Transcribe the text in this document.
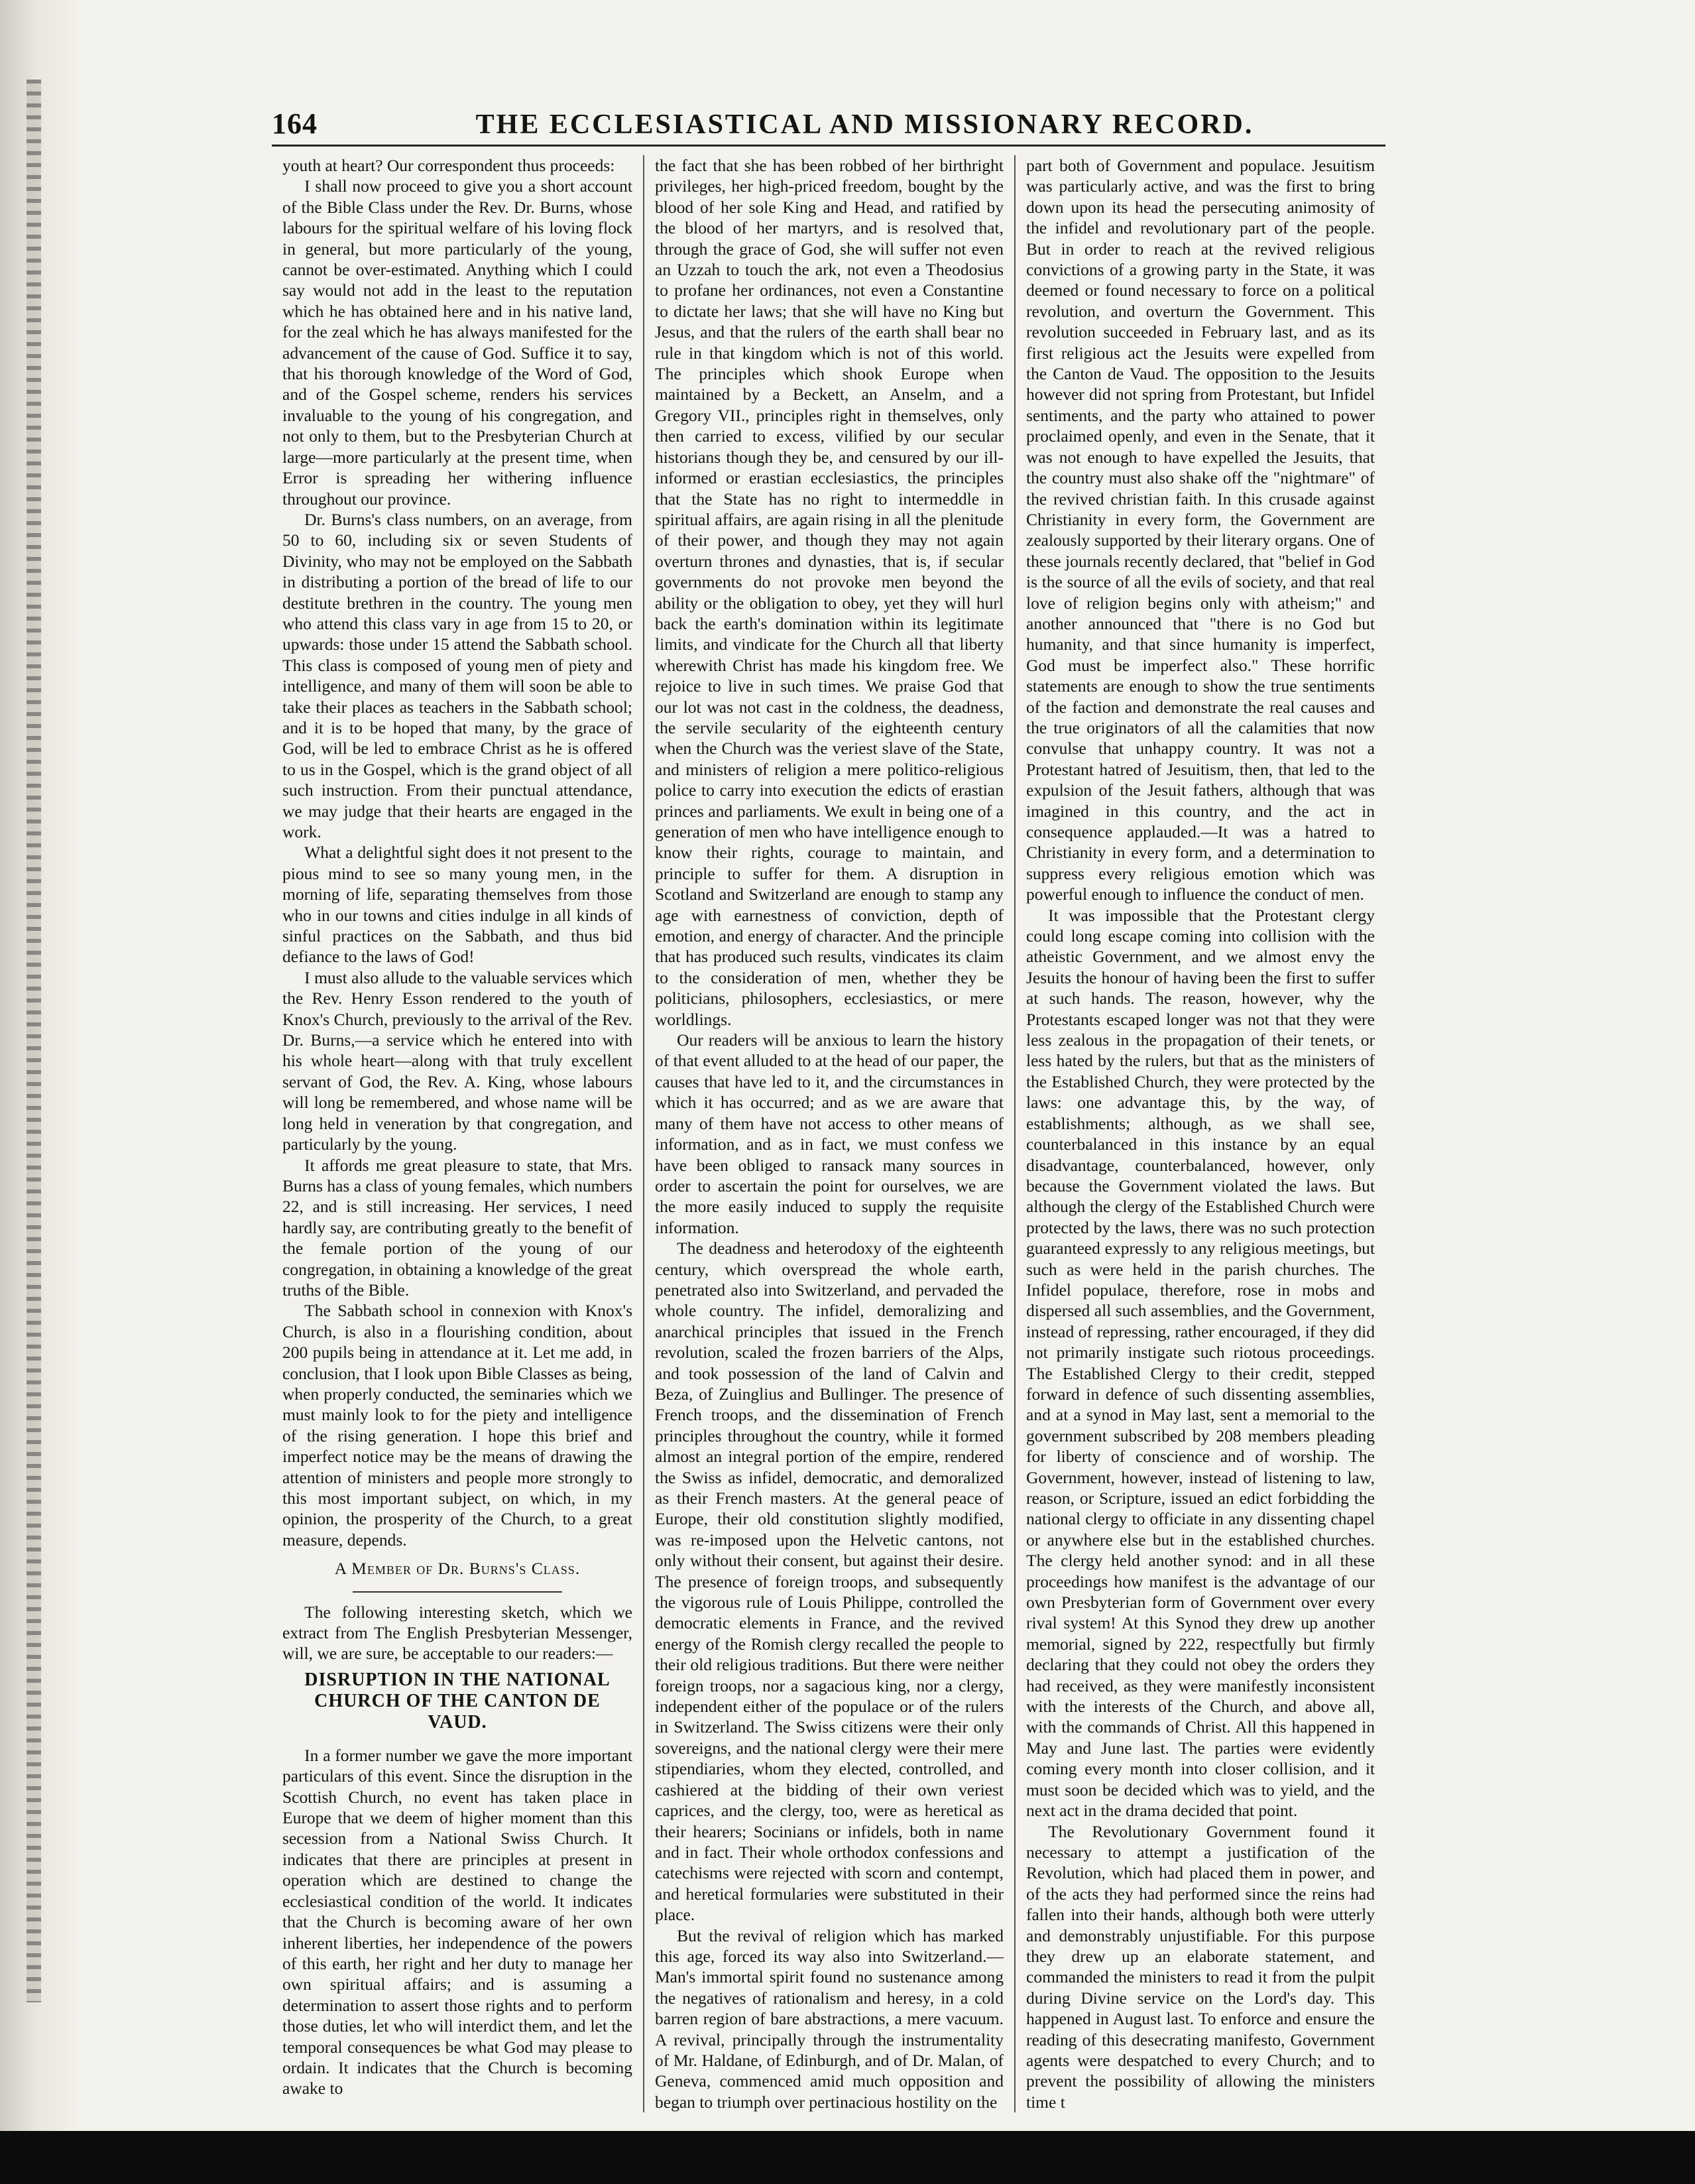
164	THE ECCLESIASTICAL AND MISSIONARY RECORD.

youth at heart? Our correspondent thus proceeds:

I shall now proceed to give you a short account of the Bible Class under the Rev. Dr. Burns, whose labours for the spiritual welfare of his loving flock in general, but more particularly of the young, cannot be over-estimated. Anything which I could say would not add in the least to the reputation which he has obtained here and in his native land, for the zeal which he has always manifested for the advancement of the cause of God. Suffice it to say, that his thorough knowledge of the Word of God, and of the Gospel scheme, renders his services invaluable to the young of his congregation, and not only to them, but to the Presbyterian Church at large—more particularly at the present time, when Error is spreading her withering influence throughout our province.

Dr. Burns's class numbers, on an average, from 50 to 60, including six or seven Students of Divinity, who may not be employed on the Sabbath in distributing a portion of the bread of life to our destitute brethren in the country. The young men who attend this class vary in age from 15 to 20, or upwards: those under 15 attend the Sabbath school. This class is composed of young men of piety and intelligence, and many of them will soon be able to take their places as teachers in the Sabbath school; and it is to be hoped that many, by the grace of God, will be led to embrace Christ as he is offered to us in the Gospel, which is the grand object of all such instruction. From their punctual attendance, we may judge that their hearts are engaged in the work.

What a delightful sight does it not present to the pious mind to see so many young men, in the morning of life, separating themselves from those who in our towns and cities indulge in all kinds of sinful practices on the Sabbath, and thus bid defiance to the laws of God!

I must also allude to the valuable services which the Rev. Henry Esson rendered to the youth of Knox's Church, previously to the arrival of the Rev. Dr. Burns,—a service which he entered into with his whole heart—along with that truly excellent servant of God, the Rev. A. King, whose labours will long be remembered, and whose name will be long held in veneration by that congregation, and particularly by the young.

It affords me great pleasure to state, that Mrs. Burns has a class of young females, which numbers 22, and is still increasing. Her services, I need hardly say, are contributing greatly to the benefit of the female portion of the young of our congregation, in obtaining a knowledge of the great truths of the Bible.

The Sabbath school in connexion with Knox's Church, is also in a flourishing condition, about 200 pupils being in attendance at it. Let me add, in conclusion, that I look upon Bible Classes as being, when properly conducted, the seminaries which we must mainly look to for the piety and intelligence of the rising generation. I hope this brief and imperfect notice may be the means of drawing the attention of ministers and people more strongly to this most important subject, on which, in my opinion, the prosperity of the Church, to a great measure, depends.

A Member of Dr. Burns's Class.

The following interesting sketch, which we extract from The English Presbyterian Messenger, will, we are sure, be acceptable to our readers:—

DISRUPTION IN THE NATIONAL CHURCH OF THE CANTON DE VAUD.

In a former number we gave the more important particulars of this event. Since the disruption in the Scottish Church, no event has taken place in Europe that we deem of higher moment than this secession from a National Swiss Church. It indicates that there are principles at present in operation which are destined to change the ecclesiastical condition of the world. It indicates that the Church is becoming aware of her own inherent liberties, her independence of the powers of this earth, her right and her duty to manage her own spiritual affairs; and is assuming a determination to assert those rights and to perform those duties, let who will interdict them, and let the temporal consequences be what God may please to ordain. It indicates that the Church is becoming awake to

the fact that she has been robbed of her birthright privileges, her high-priced freedom, bought by the blood of her sole King and Head, and ratified by the blood of her martyrs, and is resolved that, through the grace of God, she will suffer not even an Uzzah to touch the ark, not even a Theodosius to profane her ordinances, not even a Constantine to dictate her laws; that she will have no King but Jesus, and that the rulers of the earth shall bear no rule in that kingdom which is not of this world. The principles which shook Europe when maintained by a Beckett, an Anselm, and a Gregory VII., principles right in themselves, only then carried to excess, vilified by our secular historians though they be, and censured by our ill-informed or erastian ecclesiastics, the principles that the State has no right to intermeddle in spiritual affairs, are again rising in all the plenitude of their power, and though they may not again overturn thrones and dynasties, that is, if secular governments do not provoke men beyond the ability or the obligation to obey, yet they will hurl back the earth's domination within its legitimate limits, and vindicate for the Church all that liberty wherewith Christ has made his kingdom free. We rejoice to live in such times. We praise God that our lot was not cast in the coldness, the deadness, the servile secularity of the eighteenth century when the Church was the veriest slave of the State, and ministers of religion a mere politico-religious police to carry into execution the edicts of erastian princes and parliaments. We exult in being one of a generation of men who have intelligence enough to know their rights, courage to maintain, and principle to suffer for them. A disruption in Scotland and Switzerland are enough to stamp any age with earnestness of conviction, depth of emotion, and energy of character. And the principle that has produced such results, vindicates its claim to the consideration of men, whether they be politicians, philosophers, ecclesiastics, or mere worldlings.

Our readers will be anxious to learn the history of that event alluded to at the head of our paper, the causes that have led to it, and the circumstances in which it has occurred; and as we are aware that many of them have not access to other means of information, and as in fact, we must confess we have been obliged to ransack many sources in order to ascertain the point for ourselves, we are the more easily induced to supply the requisite information.

The deadness and heterodoxy of the eighteenth century, which overspread the whole earth, penetrated also into Switzerland, and pervaded the whole country. The infidel, demoralizing and anarchical principles that issued in the French revolution, scaled the frozen barriers of the Alps, and took possession of the land of Calvin and Beza, of Zuinglius and Bullinger. The presence of French troops, and the dissemination of French principles throughout the country, while it formed almost an integral portion of the empire, rendered the Swiss as infidel, democratic, and demoralized as their French masters. At the general peace of Europe, their old constitution slightly modified, was re-imposed upon the Helvetic cantons, not only without their consent, but against their desire. The presence of foreign troops, and subsequently the vigorous rule of Louis Philippe, controlled the democratic elements in France, and the revived energy of the Romish clergy recalled the people to their old religious traditions. But there were neither foreign troops, nor a sagacious king, nor a clergy, independent either of the populace or of the rulers in Switzerland. The Swiss citizens were their only sovereigns, and the national clergy were their mere stipendiaries, whom they elected, controlled, and cashiered at the bidding of their own veriest caprices, and the clergy, too, were as heretical as their hearers; Socinians or infidels, both in name and in fact. Their whole orthodox confessions and catechisms were rejected with scorn and contempt, and heretical formularies were substituted in their place.

But the revival of religion which has marked this age, forced its way also into Switzerland.—Man's immortal spirit found no sustenance among the negatives of rationalism and heresy, in a cold barren region of bare abstractions, a mere vacuum. A revival, principally through the instrumentality of Mr. Haldane, of Edinburgh, and of Dr. Malan, of Geneva, commenced amid much opposition and began to triumph over pertinacious hostility on the

part both of Government and populace. Jesuitism was particularly active, and was the first to bring down upon its head the persecuting animosity of the infidel and revolutionary part of the people. But in order to reach at the revived religious convictions of a growing party in the State, it was deemed or found necessary to force on a political revolution, and overturn the Government. This revolution succeeded in February last, and as its first religious act the Jesuits were expelled from the Canton de Vaud. The opposition to the Jesuits however did not spring from Protestant, but Infidel sentiments, and the party who attained to power proclaimed openly, and even in the Senate, that it was not enough to have expelled the Jesuits, that the country must also shake off the "nightmare" of the revived christian faith. In this crusade against Christianity in every form, the Government are zealously supported by their literary organs. One of these journals recently declared, that "belief in God is the source of all the evils of society, and that real love of religion begins only with atheism;" and another announced that "there is no God but humanity, and that since humanity is imperfect, God must be imperfect also." These horrific statements are enough to show the true sentiments of the faction and demonstrate the real causes and the true originators of all the calamities that now convulse that unhappy country. It was not a Protestant hatred of Jesuitism, then, that led to the expulsion of the Jesuit fathers, although that was imagined in this country, and the act in consequence applauded.—It was a hatred to Christianity in every form, and a determination to suppress every religious emotion which was powerful enough to influence the conduct of men.

It was impossible that the Protestant clergy could long escape coming into collision with the atheistic Government, and we almost envy the Jesuits the honour of having been the first to suffer at such hands. The reason, however, why the Protestants escaped longer was not that they were less zealous in the propagation of their tenets, or less hated by the rulers, but that as the ministers of the Established Church, they were protected by the laws: one advantage this, by the way, of establishments; although, as we shall see, counterbalanced in this instance by an equal disadvantage, counterbalanced, however, only because the Government violated the laws. But although the clergy of the Established Church were protected by the laws, there was no such protection guaranteed expressly to any religious meetings, but such as were held in the parish churches. The Infidel populace, therefore, rose in mobs and dispersed all such assemblies, and the Government, instead of repressing, rather encouraged, if they did not primarily instigate such riotous proceedings. The Established Clergy to their credit, stepped forward in defence of such dissenting assemblies, and at a synod in May last, sent a memorial to the government subscribed by 208 members pleading for liberty of conscience and of worship. The Government, however, instead of listening to law, reason, or Scripture, issued an edict forbidding the national clergy to officiate in any dissenting chapel or anywhere else but in the established churches. The clergy held another synod: and in all these proceedings how manifest is the advantage of our own Presbyterian form of Government over every rival system! At this Synod they drew up another memorial, signed by 222, respectfully but firmly declaring that they could not obey the orders they had received, as they were manifestly inconsistent with the interests of the Church, and above all, with the commands of Christ. All this happened in May and June last. The parties were evidently coming every month into closer collision, and it must soon be decided which was to yield, and the next act in the drama decided that point.

The Revolutionary Government found it necessary to attempt a justification of the Revolution, which had placed them in power, and of the acts they had performed since the reins had fallen into their hands, although both were utterly and demonstrably unjustifiable. For this purpose they drew up an elaborate statement, and commanded the ministers to read it from the pulpit during Divine service on the Lord's day. This happened in August last. To enforce and ensure the reading of this desecrating manifesto, Government agents were despatched to every Church; and to prevent the possibility of allowing the ministers time t
